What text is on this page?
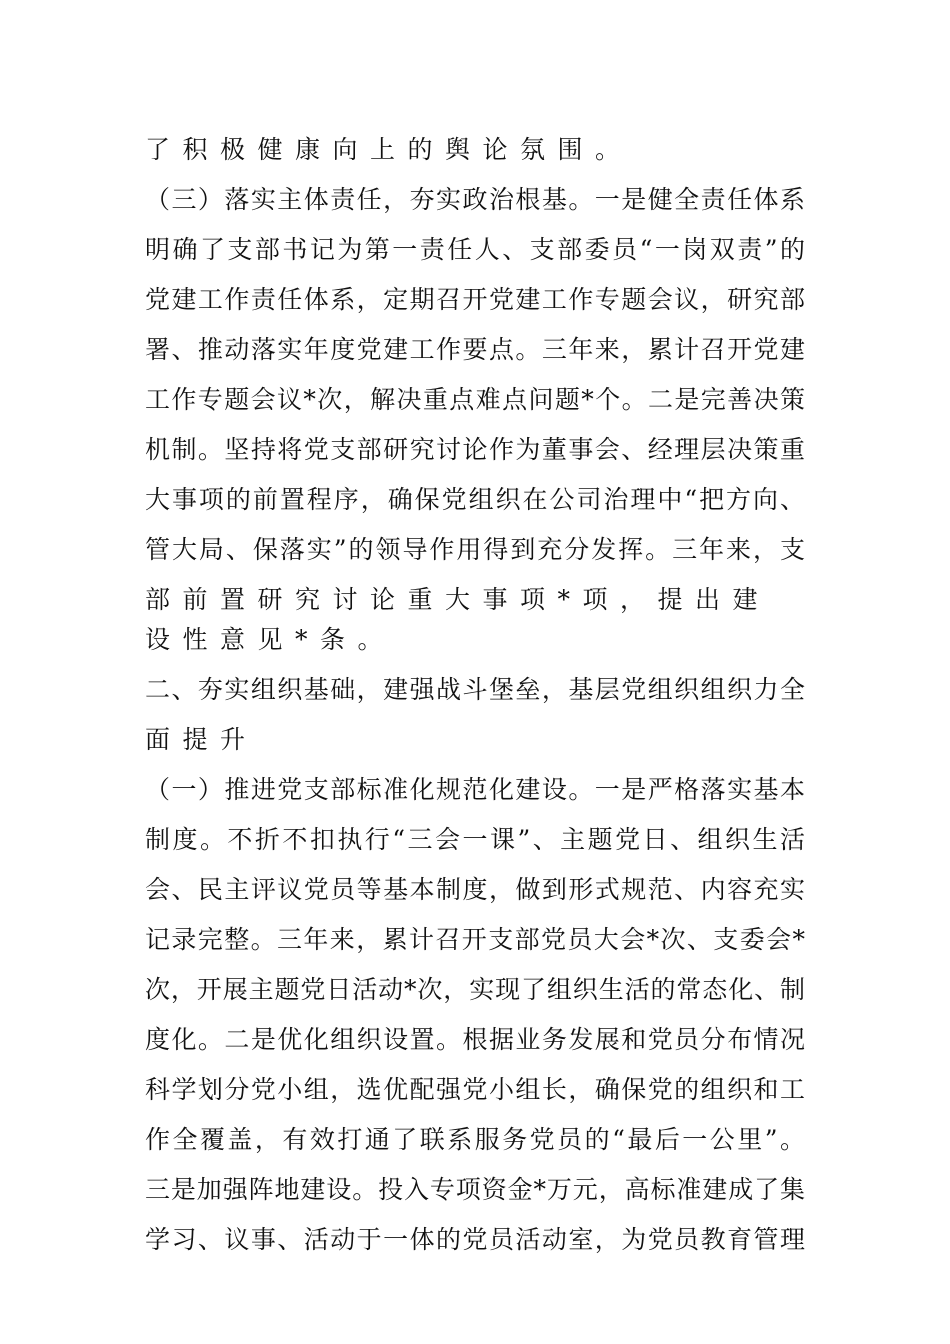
了积极健康向上的舆论氛围。
（三）落实主体责任，夯实政治根基。一是健全责任体系
明确了支部书记为第一责任人、支部委员“一岗双责”的
党建工作责任体系，定期召开党建工作专题会议，研究部
署、推动落实年度党建工作要点。三年来，累计召开党建
工作专题会议*次，解决重点难点问题*个。二是完善决策
机制。坚持将党支部研究讨论作为董事会、经理层决策重
大事项的前置程序，确保党组织在公司治理中“把方向、
管大局、保落实”的领导作用得到充分发挥。三年来，支
部前置研究讨论重大事项*项，提出建设性意见*条。
二、夯实组织基础，建强战斗堡垒，基层党组织组织力全
面提升
（一）推进党支部标准化规范化建设。一是严格落实基本
制度。不折不扣执行“三会一课”、主题党日、组织生活
会、民主评议党员等基本制度，做到形式规范、内容充实
记录完整。三年来，累计召开支部党员大会*次、支委会*
次，开展主题党日活动*次，实现了组织生活的常态化、制
度化。二是优化组织设置。根据业务发展和党员分布情况
科学划分党小组，选优配强党小组长，确保党的组织和工
作全覆盖，有效打通了联系服务党员的“最后一公里”。
三是加强阵地建设。投入专项资金*万元，高标准建成了集
学习、议事、活动于一体的党员活动室，为党员教育管理
